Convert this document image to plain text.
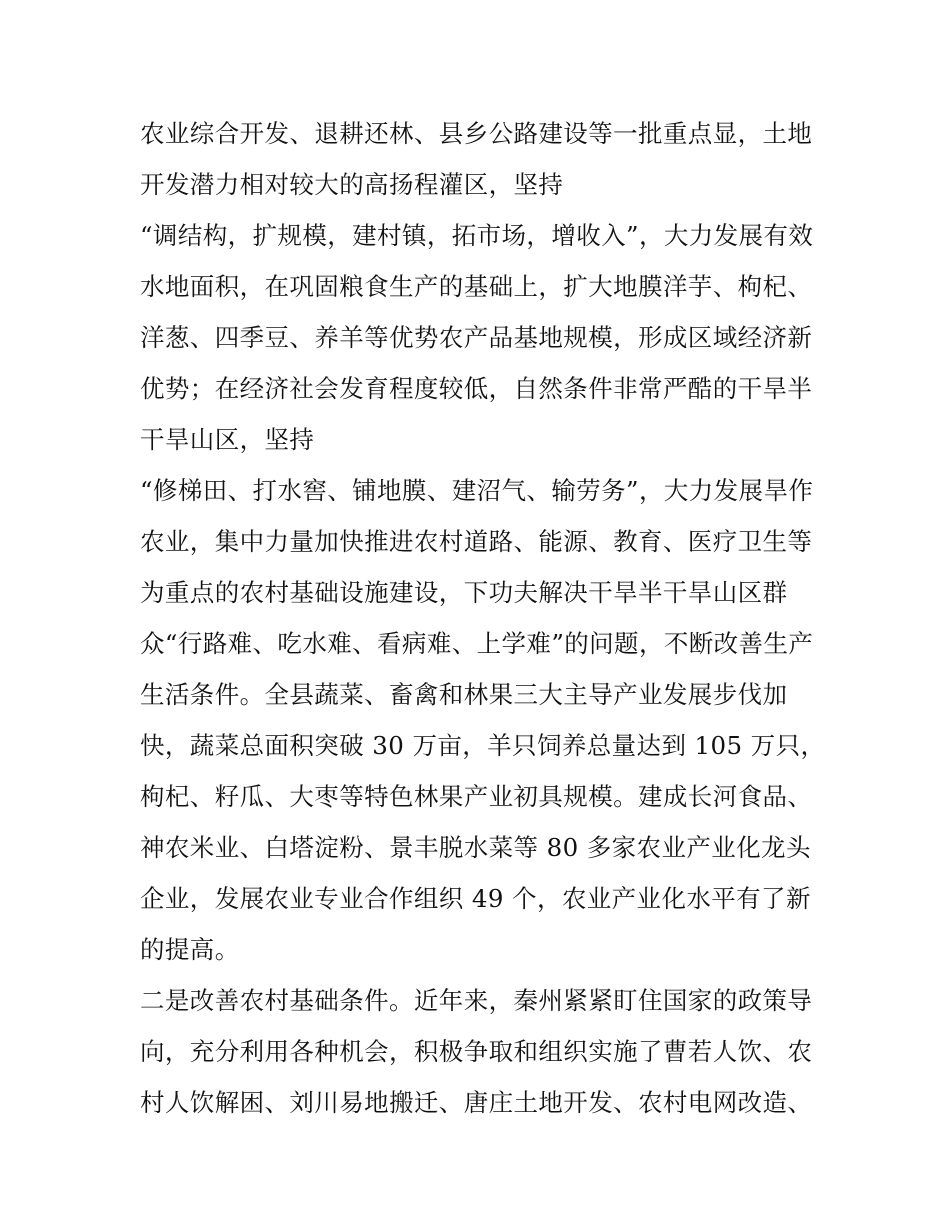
农业综合开发、退耕还林、县乡公路建设等一批重点显，土地
开发潜力相对较大的高扬程灌区，坚持
“调结构，扩规模，建村镇，拓市场，增收入”，大力发展有效
水地面积，在巩固粮食生产的基础上，扩大地膜洋芋、枸杞、
洋葱、四季豆、养羊等优势农产品基地规模，形成区域经济新
优势；在经济社会发育程度较低，自然条件非常严酷的干旱半
干旱山区，坚持
“修梯田、打水窖、铺地膜、建沼气、输劳务”，大力发展旱作
农业，集中力量加快推进农村道路、能源、教育、医疗卫生等
为重点的农村基础设施建设，下功夫解决干旱半干旱山区群
众“行路难、吃水难、看病难、上学难”的问题，不断改善生产
生活条件。全县蔬菜、畜禽和林果三大主导产业发展步伐加
快，蔬菜总面积突破 30 万亩，羊只饲养总量达到 105 万只，
枸杞、籽瓜、大枣等特色林果产业初具规模。建成长河食品、
神农米业、白塔淀粉、景丰脱水菜等 80 多家农业产业化龙头
企业，发展农业专业合作组织 49 个，农业产业化水平有了新
的提高。
二是改善农村基础条件。近年来，秦州紧紧盯住国家的政策导
向，充分利用各种机会，积极争取和组织实施了曹若人饮、农
村人饮解困、刘川易地搬迁、唐庄土地开发、农村电网改造、
